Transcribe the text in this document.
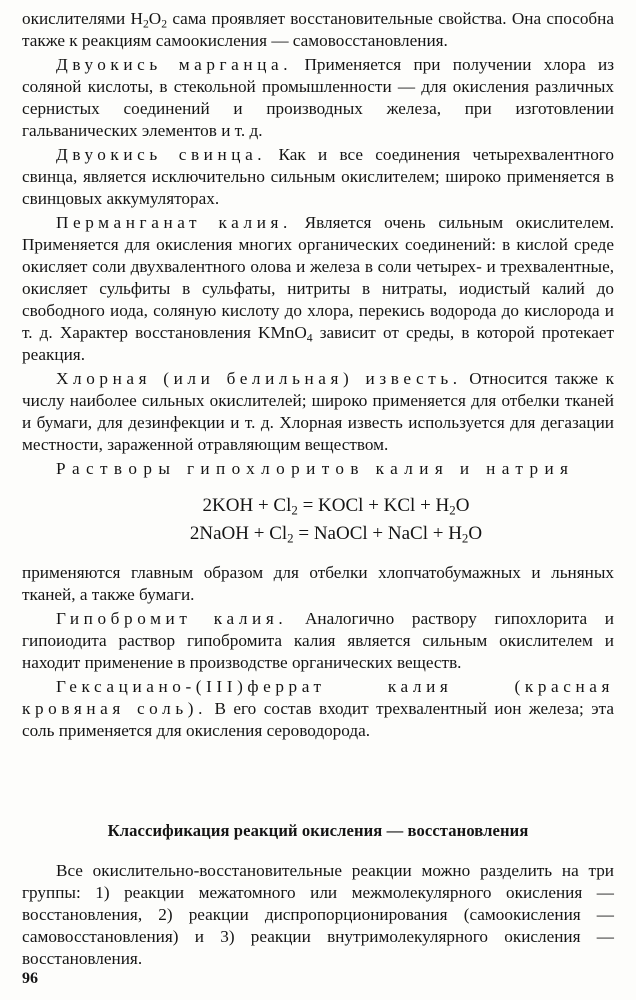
окислителями $H_2O_2$ сама проявляет восстановительные свойства. Она способна также к реакциям самоокисления — самовосстановления.

Двуокись марганца. Применяется при получении хлора из соляной кислоты, в стекольной промышленности — для окисления различных сернистых соединений и производных железа, при изготовлении гальванических элементов и т. д.

Двуокись свинца. Как и все соединения четырехвалентного свинца, является исключительно сильным окислителем; широко применяется в свинцовых аккумуляторах.

Перманганат калия. Является очень сильным окислителем. Применяется для окисления многих органических соединений: в кислой среде окисляет соли двухвалентного олова и железа в соли четырех- и трехвалентные, окисляет сульфиты в сульфаты, нитриты в нитраты, иодистый калий до свободного иода, соляную кислоту до хлора, перекись водорода до кислорода и т. д. Характер восстановления KMnO$_4$ зависит от среды, в которой протекает реакция.

Хлорная (или белильная) известь. Относится также к числу наиболее сильных окислителей; широко применяется для отбелки тканей и бумаги, для дезинфекции и т. д. Хлорная известь используется для дегазации местности, зараженной отравляющим веществом.

Растворы гипохлоритов калия и натрия

$2KOH + Cl_2$ = KOCl + KCl + $H_2O$
2NaOH + $Cl_2$ = NaOCl + NaCl + $H_2O$

применяются главным образом для отбелки хлопчатобумажных и льняных тканей, а также бумаги.

Гипобромит калия. Аналогично раствору гипохлорита и гипоиодита раствор гипобромита калия является сильным окислителем и находит применение в производстве органических веществ.

Гексациано-(III)феррат калия (красная кровяная соль). В его состав входит трехвалентный ион железа; эта соль применяется для окисления сероводорода.

Классификация реакций окисления — восстановления

Все окислительно-восстановительные реакции можно разделить на три группы: 1) реакции межатомного или межмолекулярного окисления — восстановления, 2) реакции диспропорционирования (самоокисления — самовосстановления) и 3) реакции внутримолекулярного окисления — восстановления.

96
